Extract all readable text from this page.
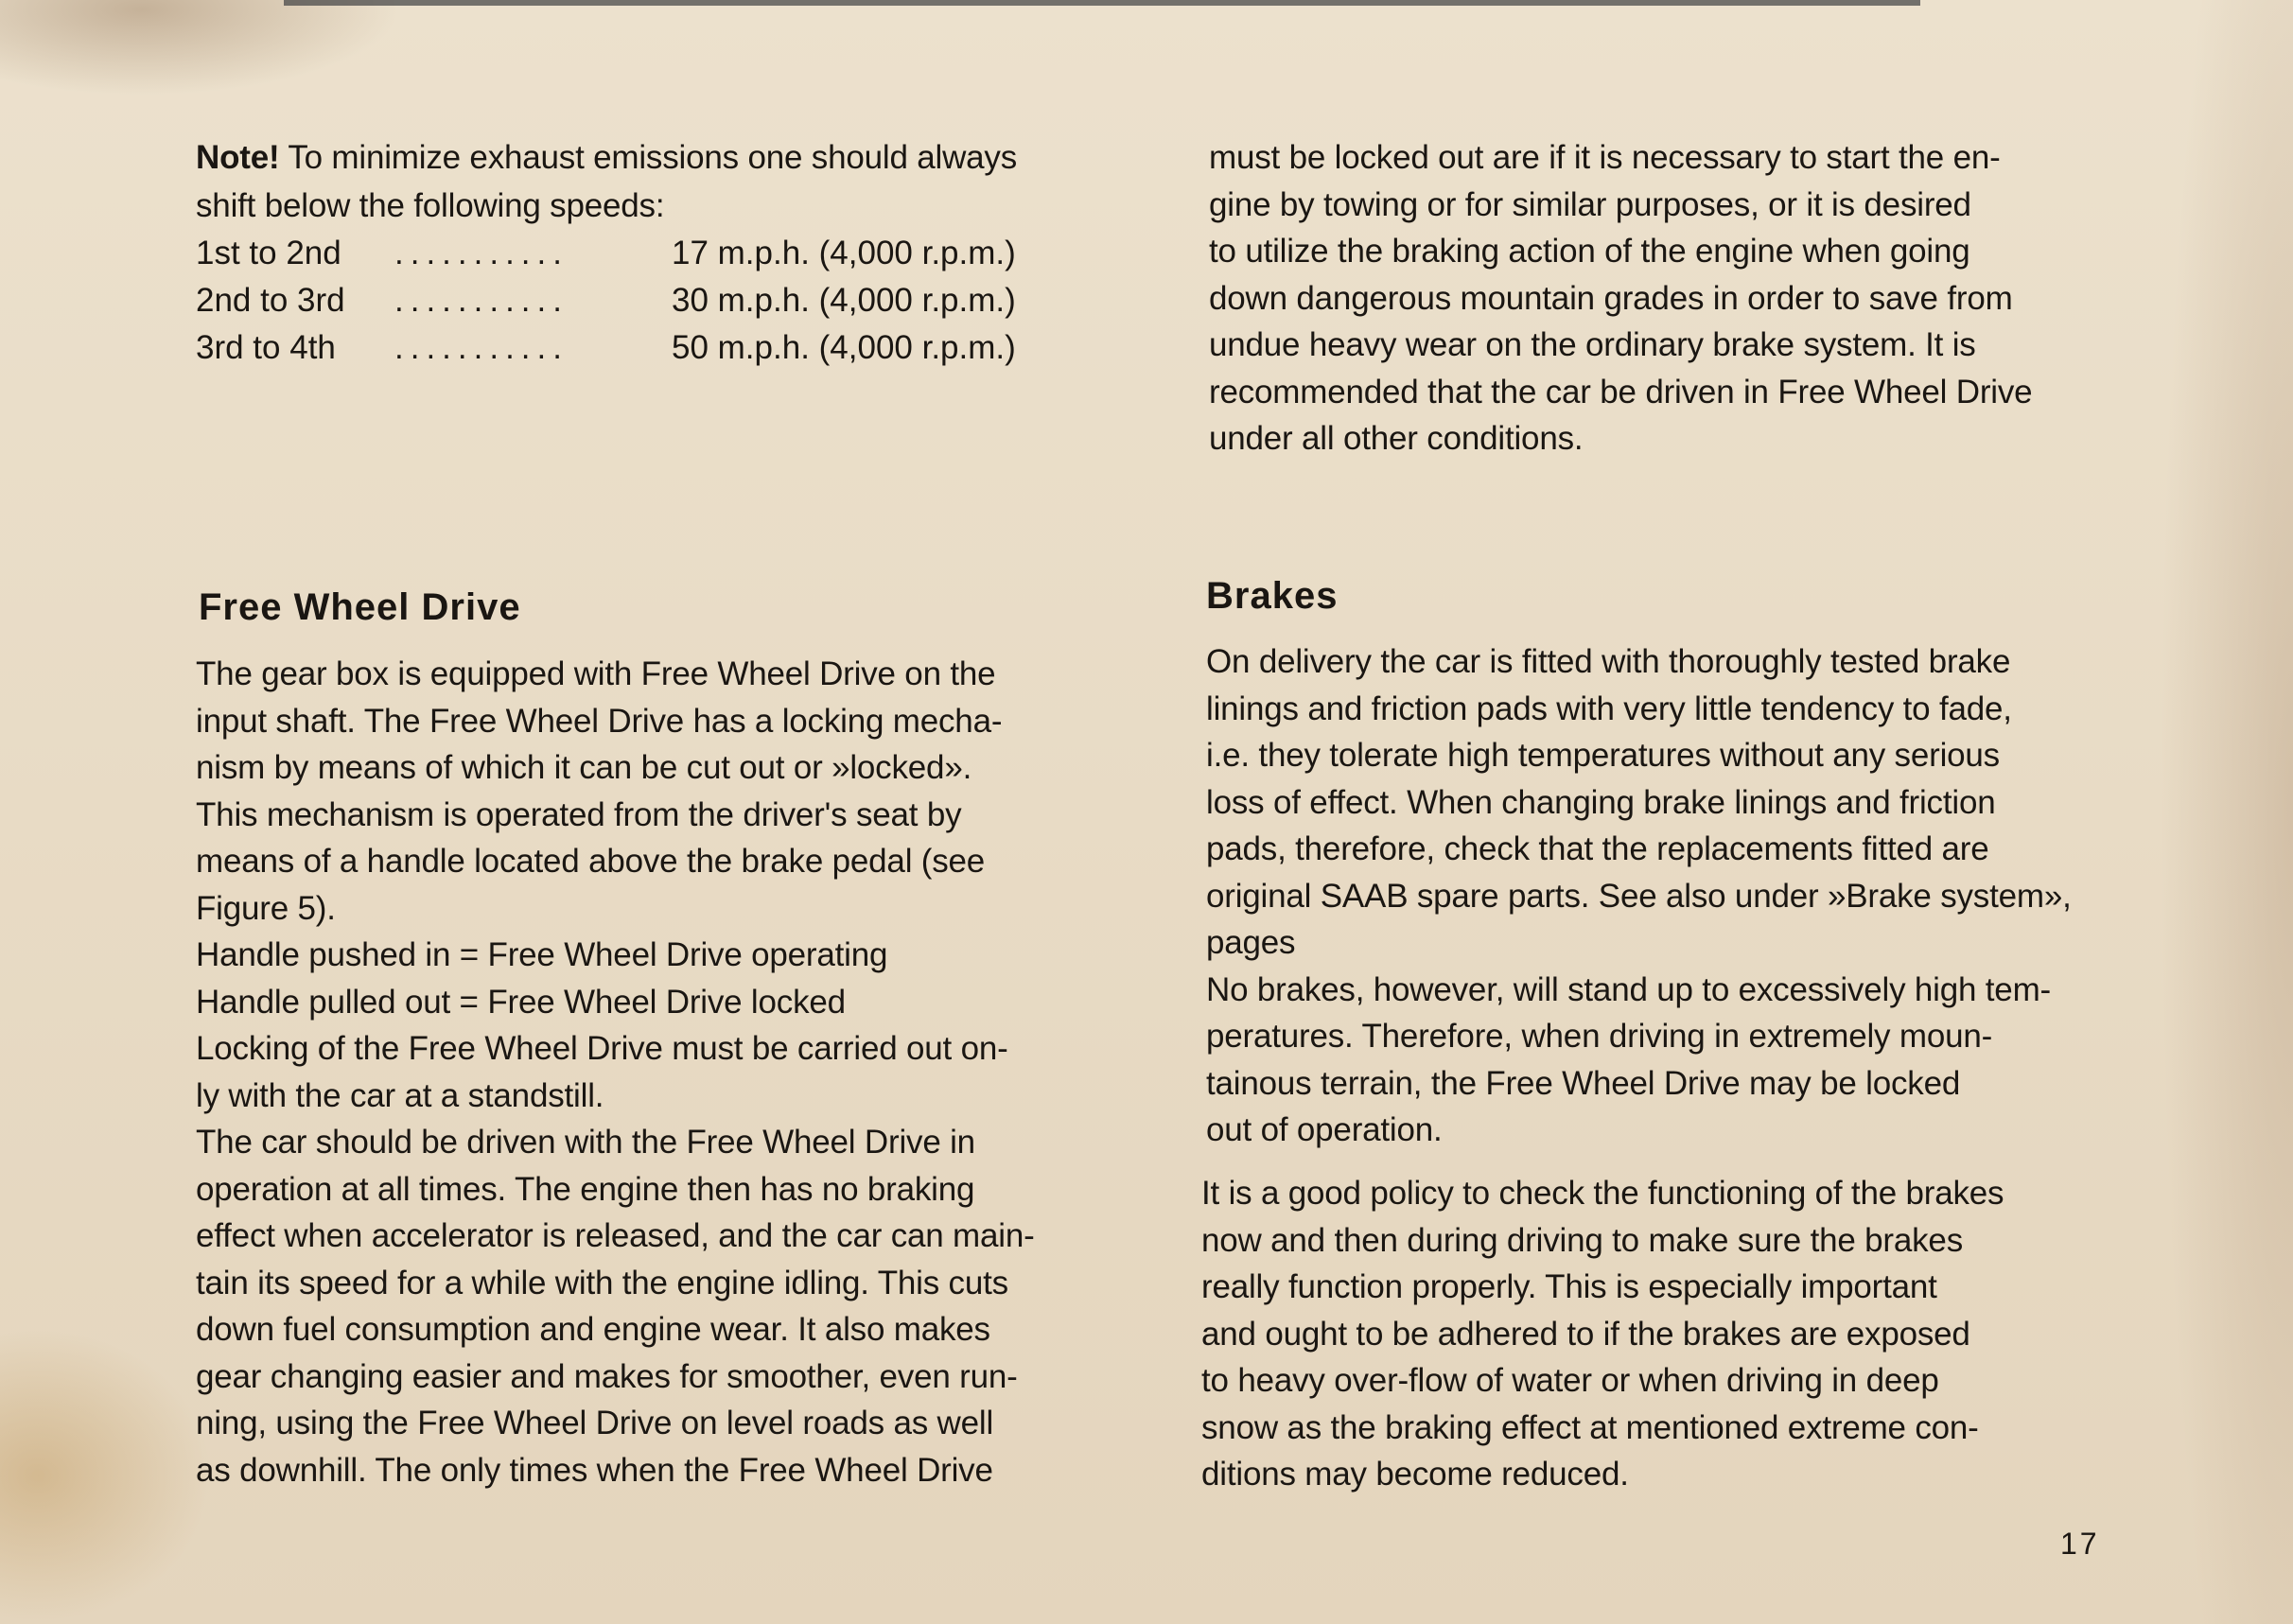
Note! To minimize exhaust emissions one should always
shift below the following speeds:
1st to 2nd ...........	17 m.p.h. (4,000 r.p.m.)
2nd to 3rd ...........	30 m.p.h. (4,000 r.p.m.)
3rd to 4th ...........	50 m.p.h. (4,000 r.p.m.)
Free Wheel Drive
The gear box is equipped with Free Wheel Drive on the
input shaft. The Free Wheel Drive has a locking mecha-
nism by means of which it can be cut out or »locked».
This mechanism is operated from the driver's seat by
means of a handle located above the brake pedal (see
Figure 5).
Handle pushed in = Free Wheel Drive operating
Handle pulled out = Free Wheel Drive locked
Locking of the Free Wheel Drive must be carried out on-
ly with the car at a standstill.
The car should be driven with the Free Wheel Drive in
operation at all times. The engine then has no braking
effect when accelerator is released, and the car can main-
tain its speed for a while with the engine idling. This cuts
down fuel consumption and engine wear. It also makes
gear changing easier and makes for smoother, even run-
ning, using the Free Wheel Drive on level roads as well
as downhill. The only times when the Free Wheel Drive
must be locked out are if it is necessary to start the en-
gine by towing or for similar purposes, or it is desired
to utilize the braking action of the engine when going
down dangerous mountain grades in order to save from
undue heavy wear on the ordinary brake system. It is
recommended that the car be driven in Free Wheel Drive
under all other conditions.
Brakes
On delivery the car is fitted with thoroughly tested brake
linings and friction pads with very little tendency to fade,
i.e. they tolerate high temperatures without any serious
loss of effect. When changing brake linings and friction
pads, therefore, check that the replacements fitted are
original SAAB spare parts. See also under »Brake system»,
pages
No brakes, however, will stand up to excessively high tem-
peratures. Therefore, when driving in extremely moun-
tainous terrain, the Free Wheel Drive may be locked
out of operation.
It is a good policy to check the functioning of the brakes
now and then during driving to make sure the brakes
really function properly. This is especially important
and ought to be adhered to if the brakes are exposed
to heavy over-flow of water or when driving in deep
snow as the braking effect at mentioned extreme con-
ditions may become reduced.
17
